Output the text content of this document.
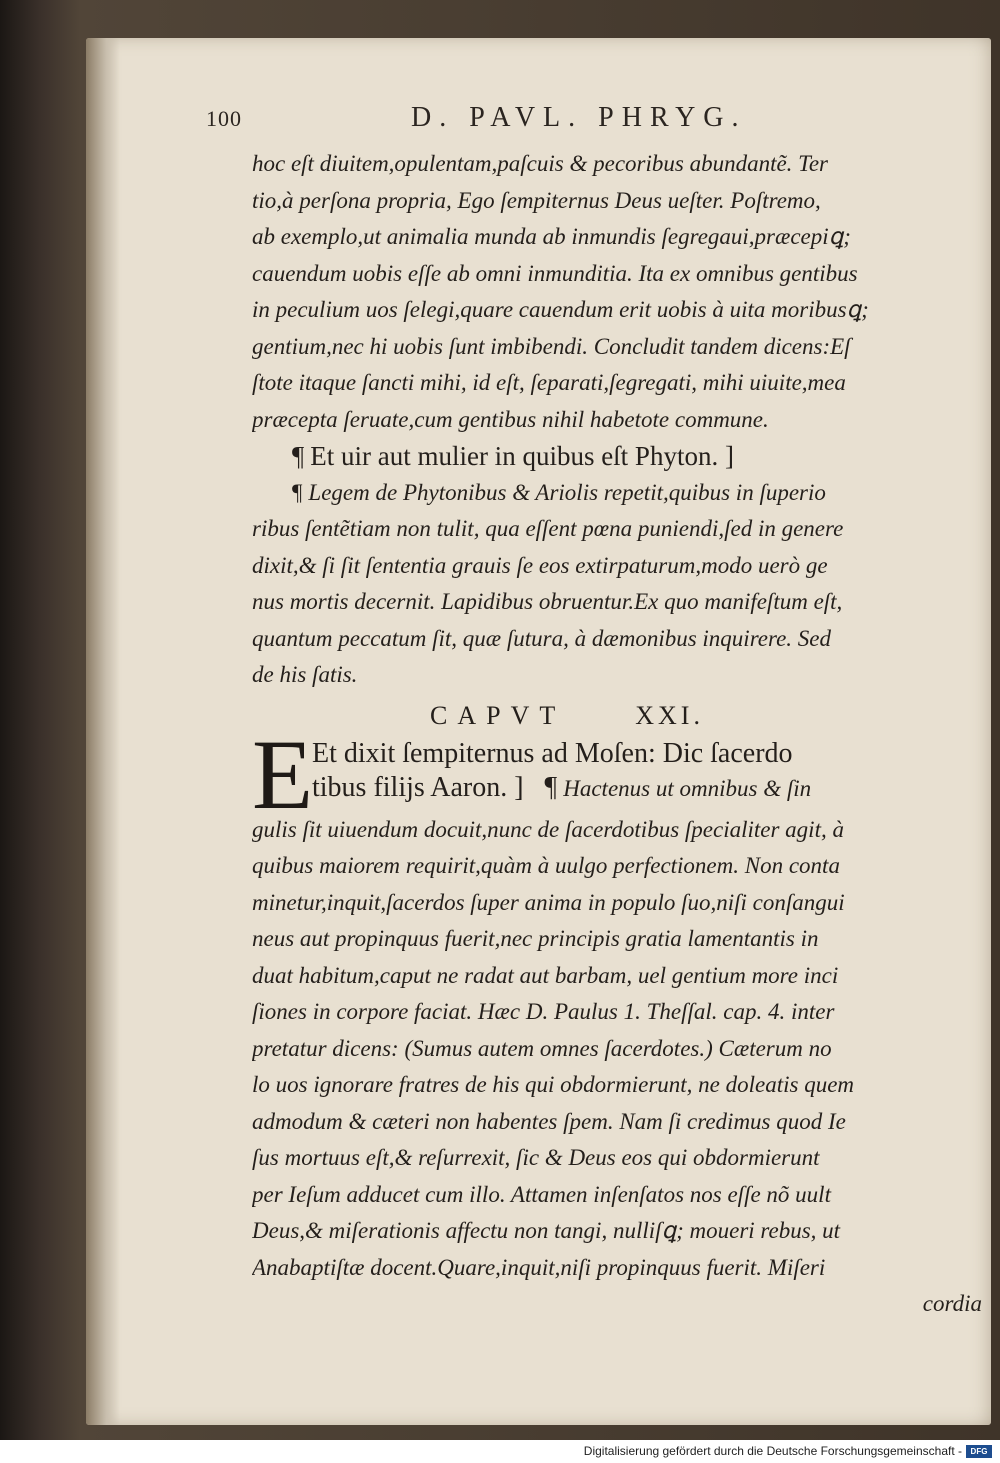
100	D. PAVL. PHRYG.
hoc eſt diuitem,opulentam,paſcuis & pecoribus abundantẽ. Ter
tio,à perſona propria, Ego ſempiternus Deus ueſter. Poſtremo,
ab exemplo,ut animalia munda ab inmundis ſegregaui,præcepiꝗ;
cauendum uobis eſſe ab omni inmunditia. Ita ex omnibus gentibus
in peculium uos ſelegi,quare cauendum erit uobis à uita moribusꝗ;
gentium,nec hi uobis ſunt imbibendi. Concludit tandem dicens:Eſ
ſtote itaque ſancti mihi, id eſt, ſeparati,ſegregati, mihi uiuite,mea
præcepta ſeruate,cum gentibus nihil habetote commune.
¶ Et uir aut mulier in quibus eſt Phyton. ]
¶ Legem de Phytonibus & Ariolis repetit,quibus in ſuperio
ribus ſentẽtiam non tulit, qua eſſent pœna puniendi,ſed in genere
dixit,& ſi ſit ſententia grauis ſe eos extirpaturum,modo uerò ge
nus mortis decernit. Lapidibus obruentur.Ex quo manifeſtum eſt,
quantum peccatum ſit, quæ ſutura, à dæmonibus inquirere. Sed
de his ſatis.
CAPVT	XXI.
E
Et dixit ſempiternus ad Moſen: Dic ſacerdo
tibus filijs Aaron. ] ¶ Hactenus ut omnibus & ſin
gulis ſit uiuendum docuit,nunc de ſacerdotibus ſpecialiter agit, à
quibus maiorem requirit,quàm à uulgo perfectionem. Non conta
minetur,inquit,ſacerdos ſuper anima in populo ſuo,niſi conſangui
neus aut propinquus fuerit,nec principis gratia lamentantis in
duat habitum,caput ne radat aut barbam, uel gentium more inci
ſiones in corpore faciat. Hæc D. Paulus 1. Theſſal. cap. 4. inter
pretatur dicens: (Sumus autem omnes ſacerdotes.) Cæterum no
lo uos ignorare fratres de his qui obdormierunt, ne doleatis quem
admodum & cæteri non habentes ſpem. Nam ſi credimus quod Ie
ſus mortuus eſt,& reſurrexit, ſic & Deus eos qui obdormierunt
per Ieſum adducet cum illo. Attamen inſenſatos nos eſſe nõ uult
Deus,& miſerationis affectu non tangi, nulliſꝗ; moueri rebus, ut
Anabaptiſtæ docent.Quare,inquit,niſi propinquus fuerit. Miſeri
cordia
Digitalisierung gefördert durch die Deutsche Forschungsgemeinschaft -	DFG
